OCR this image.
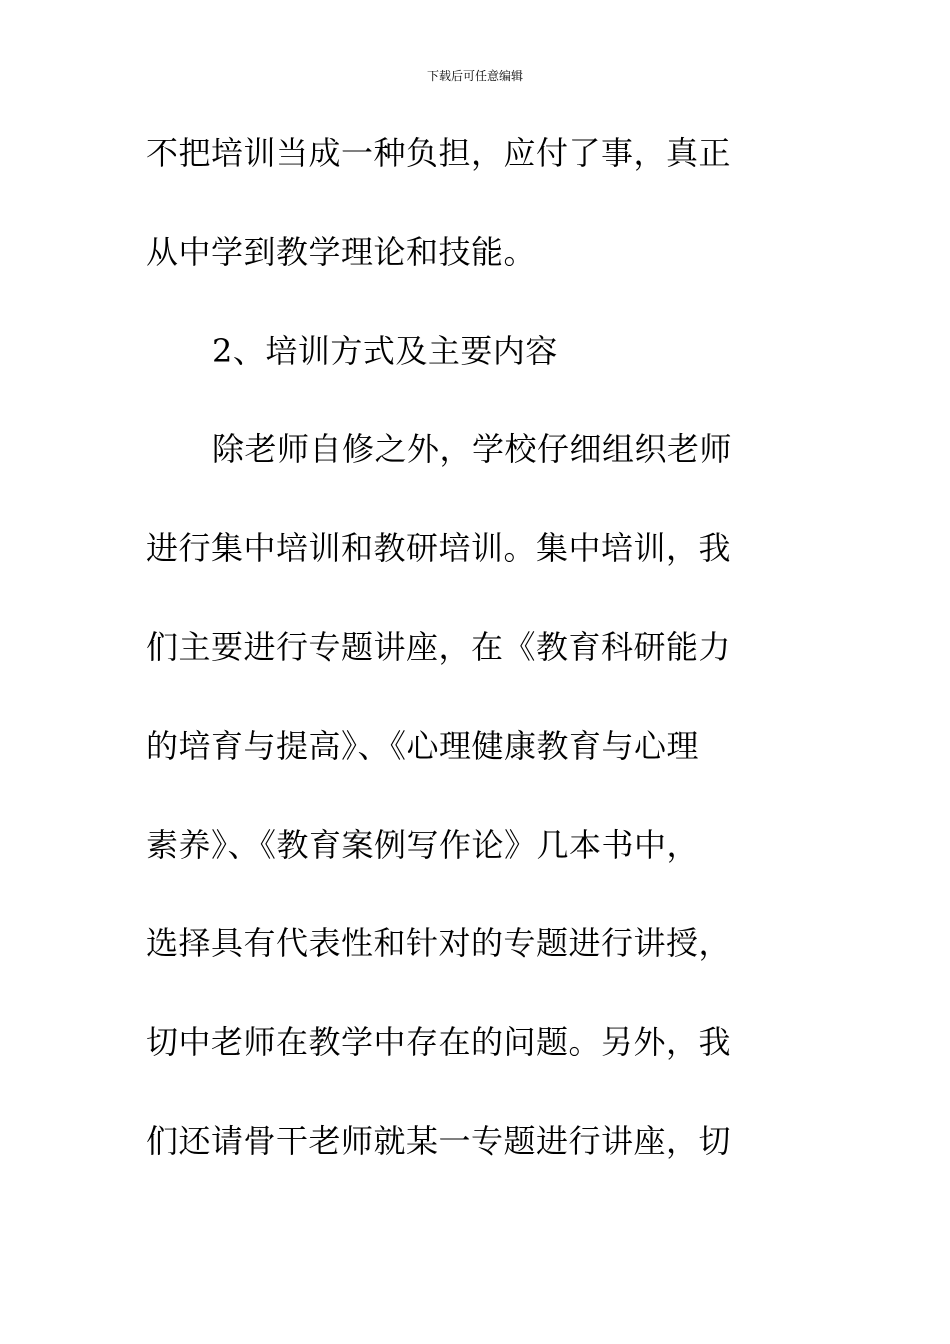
下载后可任意编辑
不把培训当成一种负担，应付了事，真正
从中学到教学理论和技能。
2、培训方式及主要内容
除老师自修之外，学校仔细组织老师
进行集中培训和教研培训。集中培训，我
们主要进行专题讲座，在《教育科研能力
的培育与提高》、《心理健康教育与心理
素养》、《教育案例写作论》几本书中，
选择具有代表性和针对的专题进行讲授，
切中老师在教学中存在的问题。另外，我
们还请骨干老师就某一专题进行讲座，切
